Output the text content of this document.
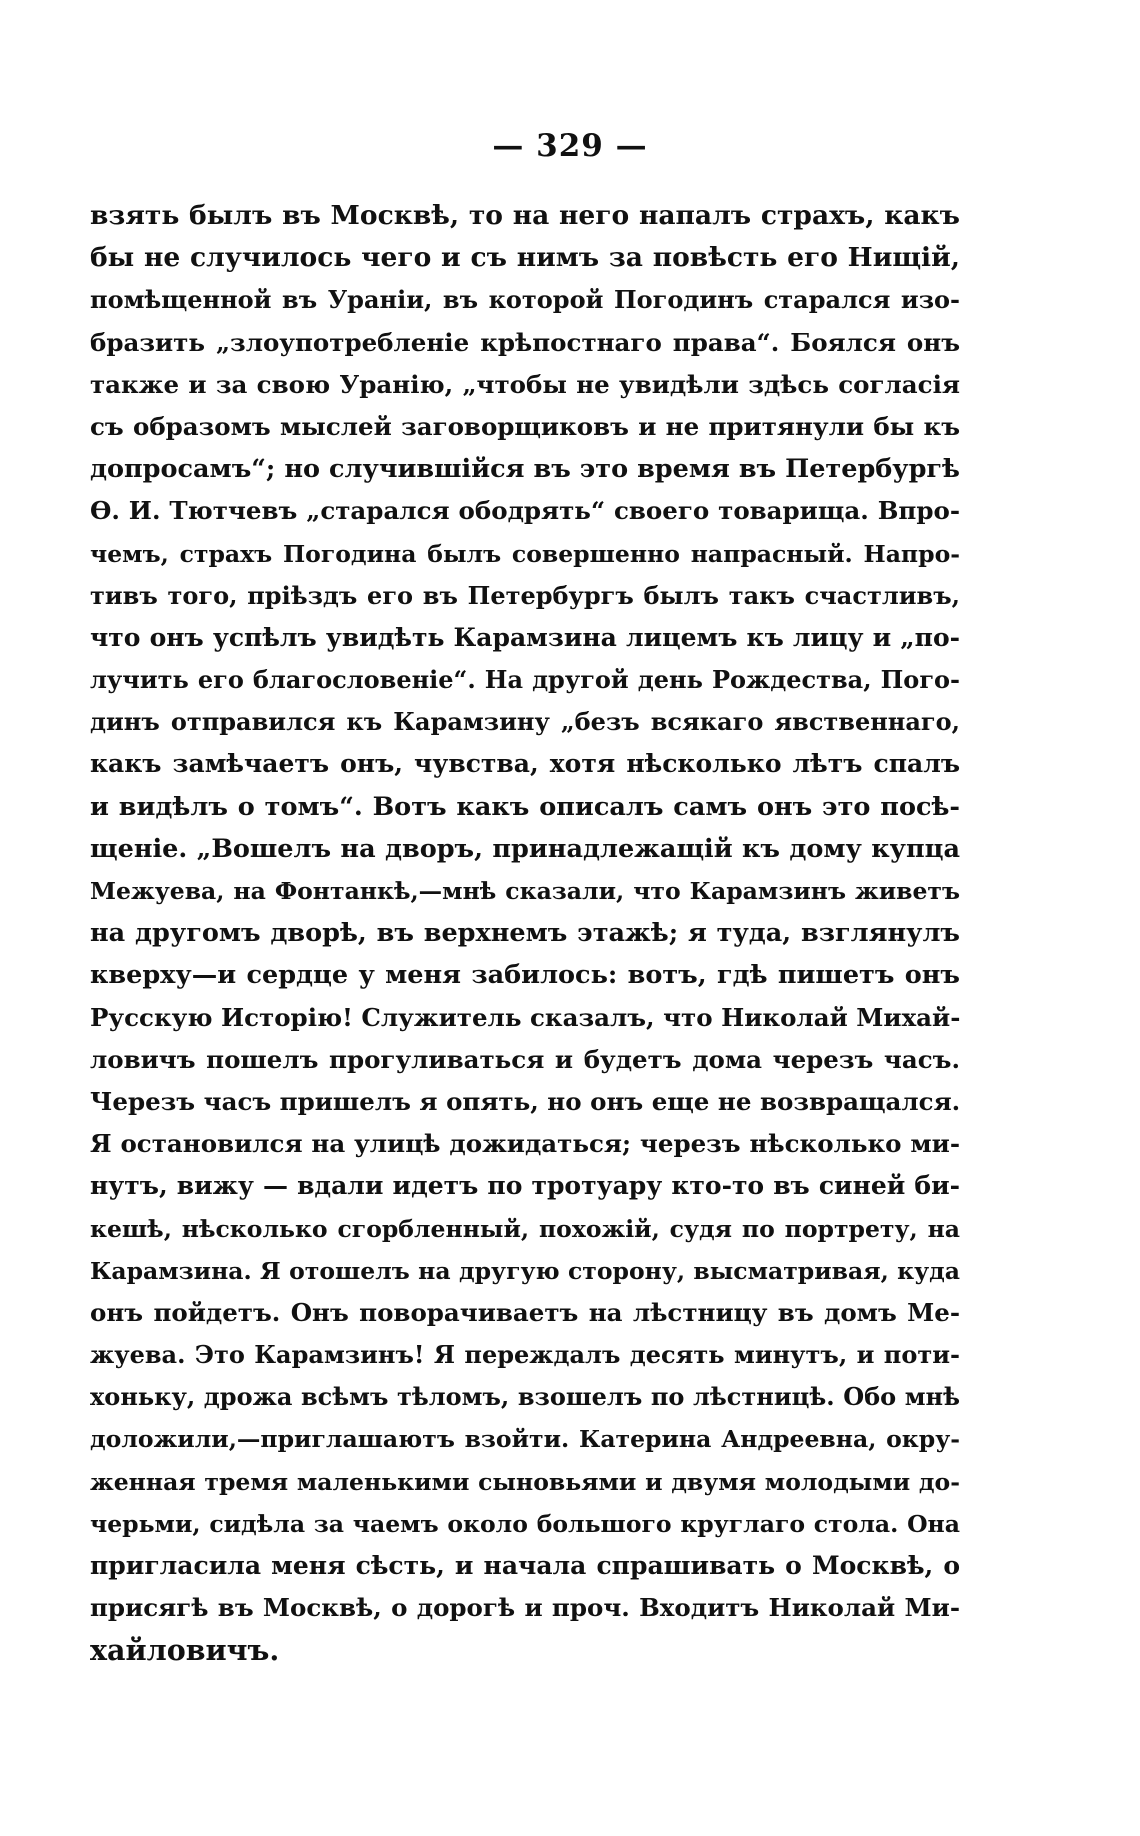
— 329 —
взять былъ въ Москвѣ, то на него напалъ страхъ, какъ
бы не случилось чего и съ нимъ за повѣсть его Нищій,
помѣщенной въ Ураніи, въ которой Погодинъ старался изо-
бразить „злоупотребленіе крѣпостнаго права“. Боялся онъ
также и за свою Уранію, „чтобы не увидѣли здѣсь согласія
съ образомъ мыслей заговорщиковъ и не притянули бы къ
допросамъ“; но случившійся въ это время въ Петербургѣ
Ѳ. И. Тютчевъ „старался ободрять“ своего товарища. Впро-
чемъ, страхъ Погодина былъ совершенно напрасный. Напро-
тивъ того, пріѣздъ его въ Петербургъ былъ такъ счастливъ,
что онъ успѣлъ увидѣть Карамзина лицемъ къ лицу и „по-
лучить его благословеніе“. На другой день Рождества, Пого-
динъ отправился къ Карамзину „безъ всякаго явственнаго,
какъ замѣчаетъ онъ, чувства, хотя нѣсколько лѣтъ спалъ
и видѣлъ о томъ“. Вотъ какъ описалъ самъ онъ это посѣ-
щеніе. „Вошелъ на дворъ, принадлежащій къ дому купца
Межуева, на Фонтанкѣ,—мнѣ сказали, что Карамзинъ живетъ
на другомъ дворѣ, въ верхнемъ этажѣ; я туда, взглянулъ
кверху—и сердце у меня забилось: вотъ, гдѣ пишетъ онъ
Русскую Исторію! Служитель сказалъ, что Николай Михай-
ловичъ пошелъ прогуливаться и будетъ дома черезъ часъ.
Черезъ часъ пришелъ я опять, но онъ еще не возвращался.
Я остановился на улицѣ дожидаться; черезъ нѣсколько ми-
нутъ, вижу — вдали идетъ по тротуару кто-то въ синей би-
кешѣ, нѣсколько сгорбленный, похожій, судя по портрету, на
Карамзина. Я отошелъ на другую сторону, высматривая, куда
онъ пойдетъ. Онъ поворачиваетъ на лѣстницу въ домъ Ме-
жуева. Это Карамзинъ! Я переждалъ десять минутъ, и поти-
хоньку, дрожа всѣмъ тѣломъ, взошелъ по лѣстницѣ. Обо мнѣ
доложили,—приглашаютъ взойти. Катерина Андреевна, окру-
женная тремя маленькими сыновьями и двумя молодыми до-
черьми, сидѣла за чаемъ около большого круглаго стола. Она
пригласила меня сѣсть, и начала спрашивать о Москвѣ, о
присягѣ въ Москвѣ, о дорогѣ и проч. Входитъ Николай Ми-
хайловичъ.
